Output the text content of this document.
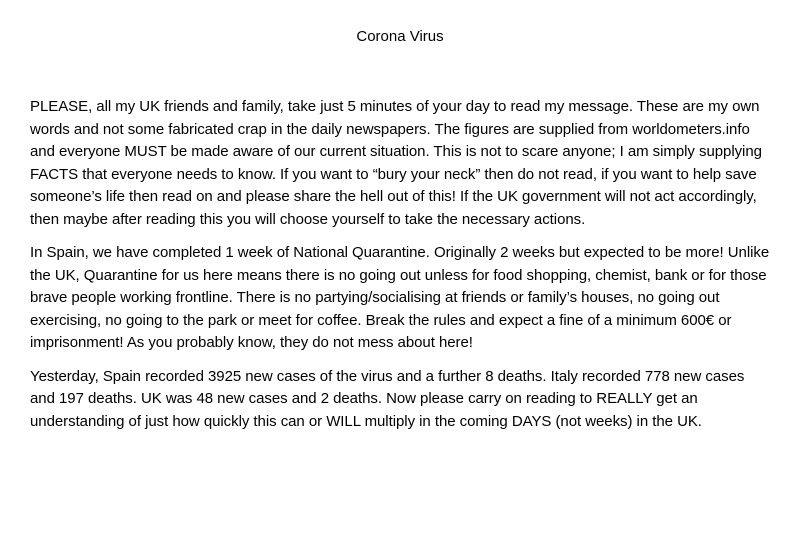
Corona Virus

PLEASE, all my UK friends and family, take just 5 minutes of your day to read my message. These are my own words and not some fabricated crap in the daily newspapers. The figures are supplied from worldometers.info and everyone MUST be made aware of our current situation. This is not to scare anyone; I am simply supplying FACTS that everyone needs to know. If you want to “bury your neck” then do not read, if you want to help save someone’s life then read on and please share the hell out of this! If the UK government will not act accordingly, then maybe after reading this you will choose yourself to take the necessary actions.

In Spain, we have completed 1 week of National Quarantine. Originally 2 weeks but expected to be more! Unlike the UK, Quarantine for us here means there is no going out unless for food shopping, chemist, bank or for those brave people working frontline. There is no partying/socialising at friends or family’s houses, no going out exercising, no going to the park or meet for coffee. Break the rules and expect a fine of a minimum 600€ or imprisonment! As you probably know, they do not mess about here!

Yesterday, Spain recorded 3925 new cases of the virus and a further 8 deaths. Italy recorded 778 new cases and 197 deaths. UK was 48 new cases and 2 deaths. Now please carry on reading to REALLY get an understanding of just how quickly this can or WILL multiply in the coming DAYS (not weeks) in the UK.
